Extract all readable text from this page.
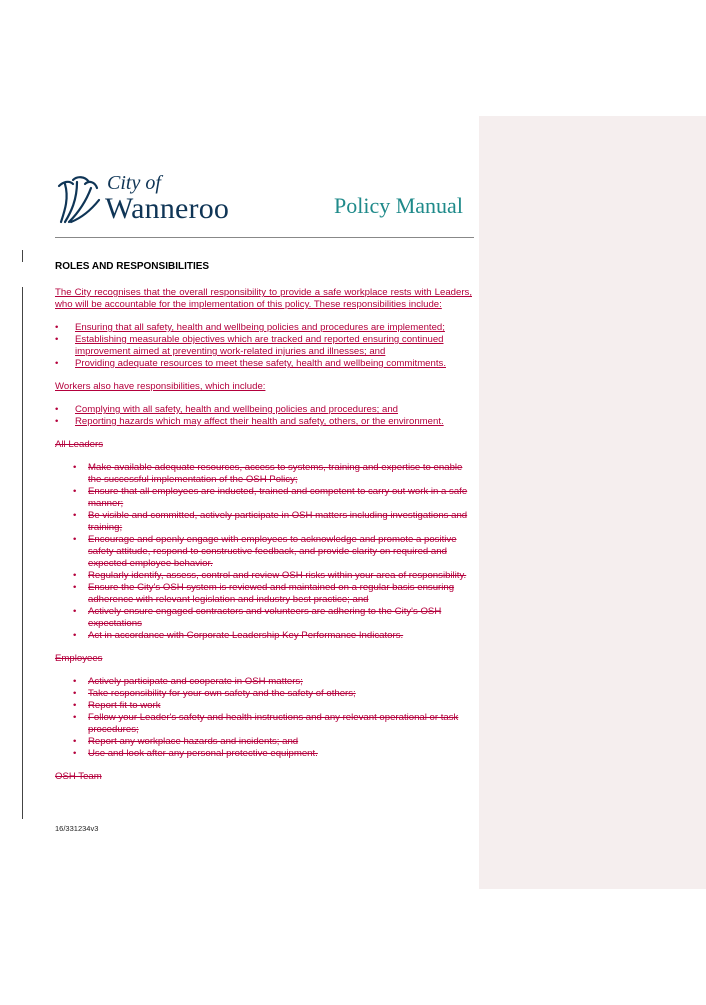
City of
Wanneroo	Policy Manual
ROLES AND RESPONSIBILITIES

The City recognises that the overall responsibility to provide a safe workplace rests with Leaders, who will be accountable for the implementation of this policy. These responsibilities include:

• Ensuring that all safety, health and wellbeing policies and procedures are implemented;
• Establishing measurable objectives which are tracked and reported ensuring continued improvement aimed at preventing work-related injuries and illnesses; and
• Providing adequate resources to meet these safety, health and wellbeing commitments.

Workers also have responsibilities, which include:

• Complying with all safety, health and wellbeing policies and procedures; and
• Reporting hazards which may affect their health and safety, others, or the environment.
All Leaders
• Make available adequate resources, access to systems, training and expertise to enable the successful implementation of the OSH Policy;
• Ensure that all employees are inducted, trained and competent to carry out work in a safe manner;
• Be visible and committed, actively participate in OSH matters including investigations and training;
• Encourage and openly engage with employees to acknowledge and promote a positive safety attitude, respond to constructive feedback, and provide clarity on required and expected employee behavior.
• Regularly identify, assess, control and review OSH risks within your area of responsibility.
• Ensure the City's OSH system is reviewed and maintained on a regular basis ensuring adherence with relevant legislation and industry best practice; and
• Actively ensure engaged contractors and volunteers are adhering to the City's OSH expectations
• Act in accordance with Corporate Leadership Key Performance Indicators.
Employees
• Actively participate and cooperate in OSH matters;
• Take responsibility for your own safety and the safety of others;
• Report fit to work
• Follow your Leader's safety and health instructions and any relevant operational or task procedures;
• Report any workplace hazards and incidents; and
• Use and look after any personal protective equipment.
OSH Team
16/331234v3
